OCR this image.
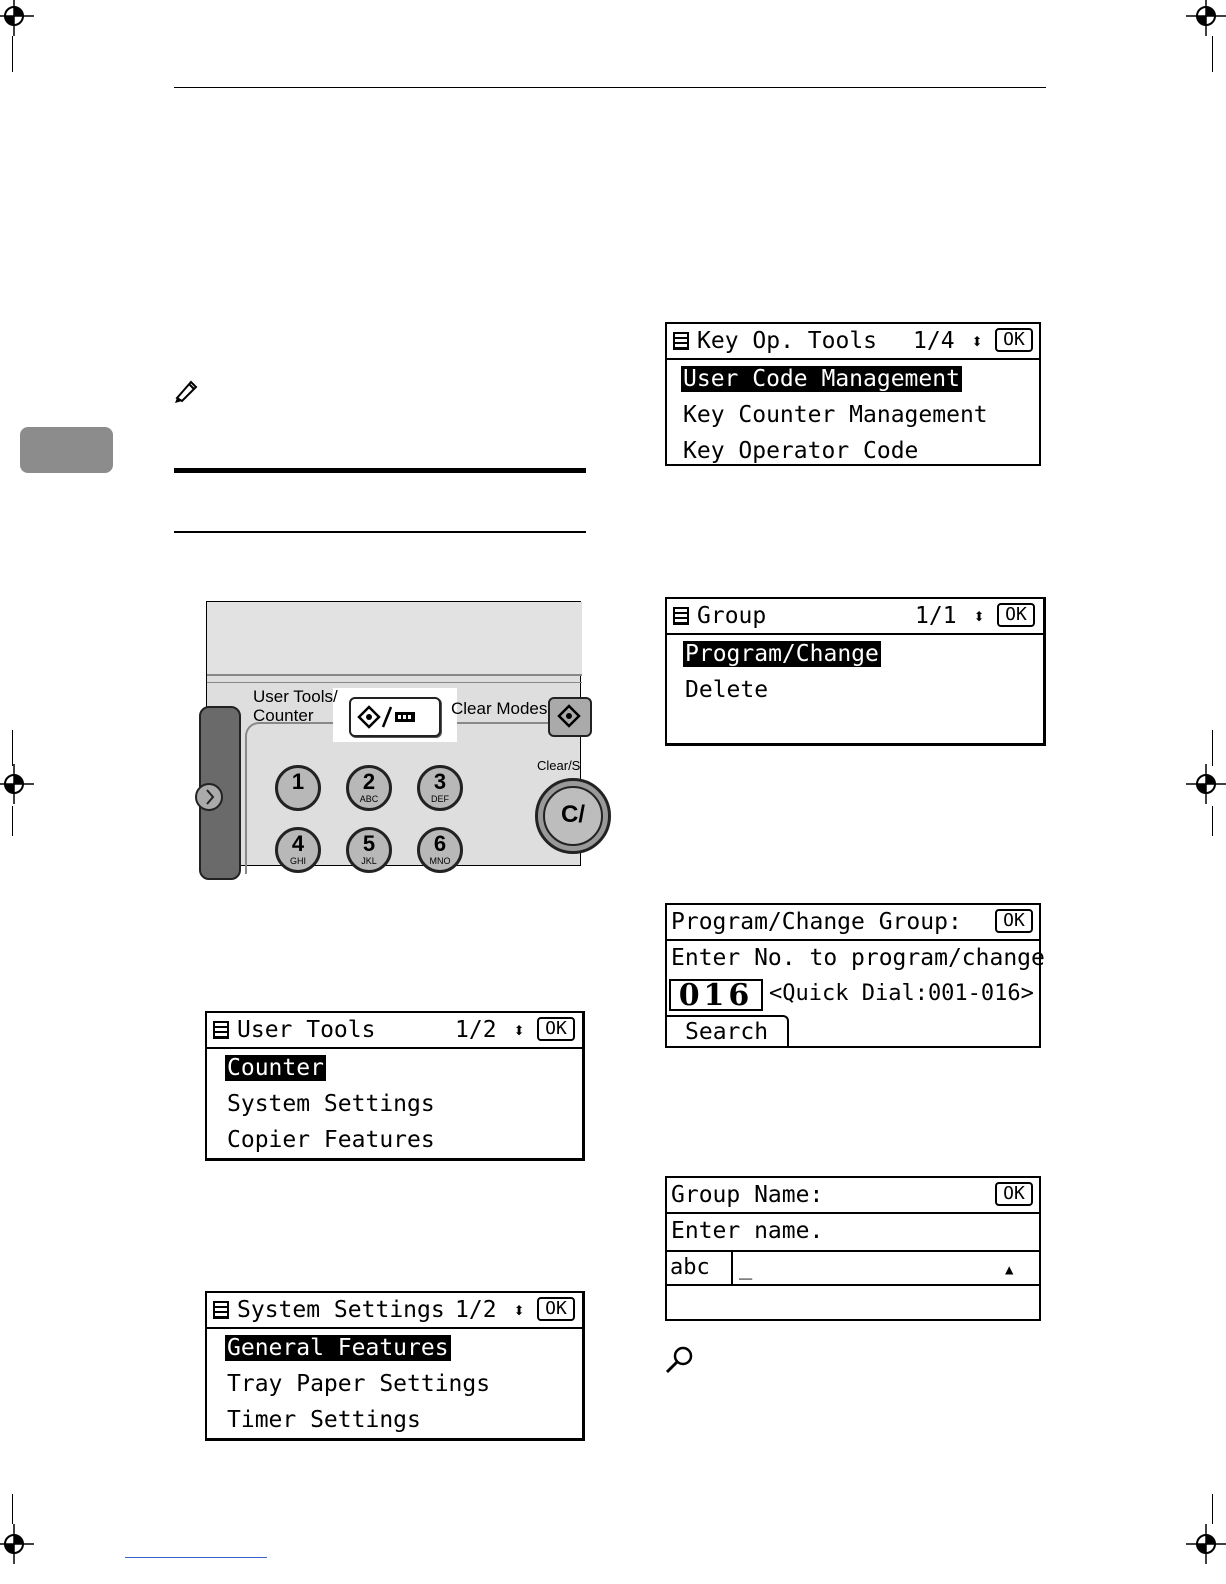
User Tools/
Counter	Clear Modes
Clear/S
C/
1	2
ABC
3
DEF
4
GHI
5
JKL
6
MNO
User Tools	1/2 ⬍	OK
Counter
System Settings
Copier Features
System Settings 1/2 ⬍	OK
General Features
Tray Paper Settings
Timer Settings
Key Op. Tools 1/4 ⬍	OK
User Code Management
Key Counter Management
Key Operator Code
Group	1/1 ⬍	OK
Program/Change
Delete
Program/Change Group:	OK
Enter No. to program/change
016 <Quick Dial:001-016>
Search
Group Name:	OK
Enter name.
abc _	▲
